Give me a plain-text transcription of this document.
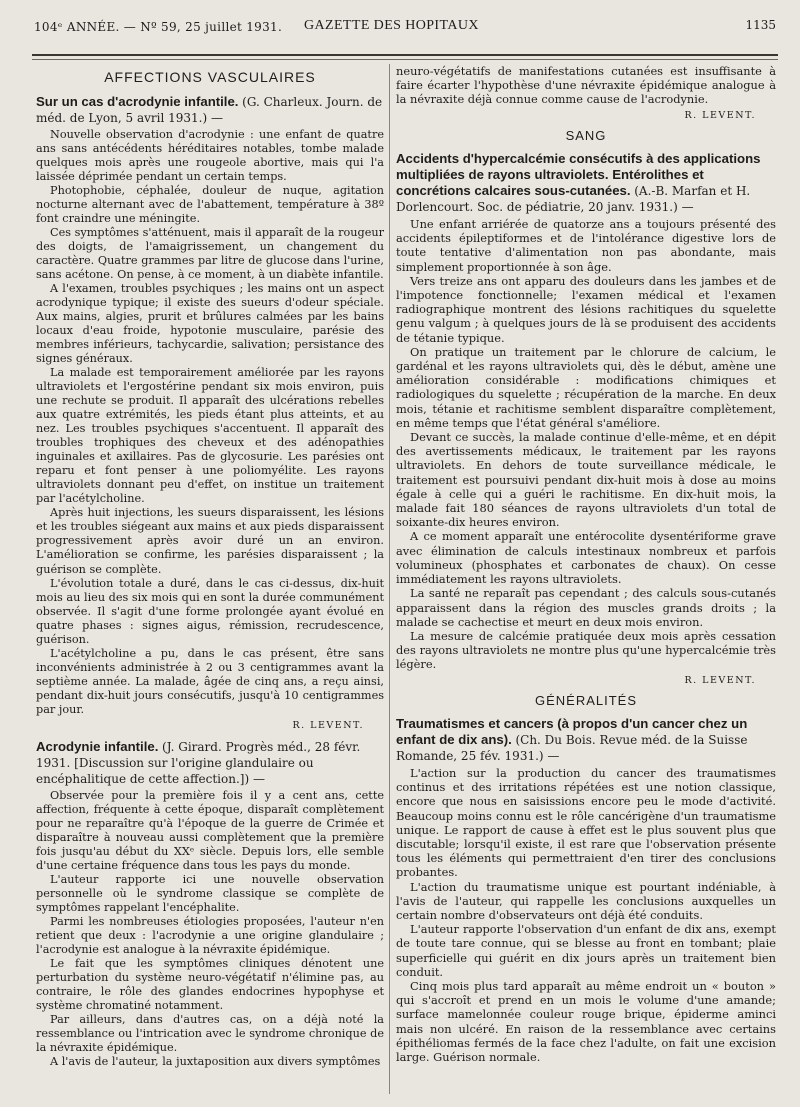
104ᵉ ANNÉE. — Nº 59, 25 juillet 1931. GAZETTE DES HOPITAUX	1135
AFFECTIONS VASCULAIRES
Sur un cas d'acrodynie infantile. (G. Charleux. Journ. de méd. de Lyon, 5 avril 1931.) —

Nouvelle observation d'acrodynie : une enfant de quatre ans sans antécédents héréditaires notables, tombe malade quelques mois après une rougeole abortive, mais qui l'a laissée déprimée pendant un certain temps.

Photophobie, céphalée, douleur de nuque, agitation nocturne alternant avec de l'abattement, température à 38º font craindre une méningite.

Ces symptômes s'atténuent, mais il apparaît de la rougeur des doigts, de l'amaigrissement, un changement du caractère. Quatre grammes par litre de glucose dans l'urine, sans acétone. On pense, à ce moment, à un diabète infantile.

A l'examen, troubles psychiques ; les mains ont un aspect acrodynique typique; il existe des sueurs d'odeur spéciale. Aux mains, algies, prurit et brûlures calmées par les bains locaux d'eau froide, hypotonie musculaire, parésie des membres inférieurs, tachycardie, salivation; persistance des signes généraux.

La malade est temporairement améliorée par les rayons ultraviolets et l'ergostérine pendant six mois environ, puis une rechute se produit. Il apparaît des ulcérations rebelles aux quatre extrémités, les pieds étant plus atteints, et au nez. Les troubles psychiques s'accentuent. Il apparaît des troubles trophiques des cheveux et des adénopathies inguinales et axillaires. Pas de glycosurie. Les parésies ont reparu et font penser à une poliomyélite. Les rayons ultraviolets donnant peu d'effet, on institue un traitement par l'acétylcholine.

Après huit injections, les sueurs disparaissent, les lésions et les troubles siégeant aux mains et aux pieds disparaissent progressivement après avoir duré un an environ. L'amélioration se confirme, les parésies disparaissent ; la guérison se complète.

L'évolution totale a duré, dans le cas ci-dessus, dix-huit mois au lieu des six mois qui en sont la durée communément observée. Il s'agit d'une forme prolongée ayant évolué en quatre phases : signes aigus, rémission, recrudescence, guérison.

L'acétylcholine a pu, dans le cas présent, être sans inconvénients administrée à 2 ou 3 centigrammes avant la septième année. La malade, âgée de cinq ans, a reçu ainsi, pendant dix-huit jours consécutifs, jusqu'à 10 centigrammes par jour.

R. LEVENT.
Acrodynie infantile. (J. Girard. Progrès méd., 28 févr. 1931. [Discussion sur l'origine glandulaire ou encéphalitique de cette affection.]) —

Observée pour la première fois il y a cent ans, cette affection, fréquente à cette époque, disparaît complètement pour ne reparaître qu'à l'époque de la guerre de Crimée et disparaître à nouveau aussi complètement que la première fois jusqu'au début du XXᵉ siècle. Depuis lors, elle semble d'une certaine fréquence dans tous les pays du monde.

L'auteur rapporte ici une nouvelle observation personnelle où le syndrome classique se complète de symptômes rappelant l'encéphalite.

Parmi les nombreuses étiologies proposées, l'auteur n'en retient que deux : l'acrodynie a une origine glandulaire ; l'acrodynie est analogue à la névraxite épidémique.

Le fait que les symptômes cliniques dénotent une perturbation du système neuro-végétatif n'élimine pas, au contraire, le rôle des glandes endocrines hypophyse et système chromatiné notamment.

Par ailleurs, dans d'autres cas, on a déjà noté la ressemblance ou l'intrication avec le syndrome chronique de la névraxite épidémique.

A l'avis de l'auteur, la juxtaposition aux divers symptômes

neuro-végétatifs de manifestations cutanées est insuffisante à faire écarter l'hypothèse d'une névraxite épidémique analogue à la névraxite déjà connue comme cause de l'acrodynie.

R. LEVENT.
SANG
Accidents d'hypercalcémie consécutifs à des applications multipliées de rayons ultraviolets. Entérolithes et concrétions calcaires sous-cutanées. (A.-B. Marfan et H. Dorlencourt. Soc. de pédiatrie, 20 janv. 1931.) —

Une enfant arriérée de quatorze ans a toujours présenté des accidents épileptiformes et de l'intolérance digestive lors de toute tentative d'alimentation non pas abondante, mais simplement proportionnée à son âge.

Vers treize ans ont apparu des douleurs dans les jambes et de l'impotence fonctionnelle; l'examen médical et l'examen radiographique montrent des lésions rachitiques du squelette genu valgum ; à quelques jours de là se produisent des accidents de tétanie typique.

On pratique un traitement par le chlorure de calcium, le gardénal et les rayons ultraviolets qui, dès le début, amène une amélioration considérable : modifications chimiques et radiologiques du squelette ; récupération de la marche. En deux mois, tétanie et rachitisme semblent disparaître complètement, en même temps que l'état général s'améliore.

Devant ce succès, la malade continue d'elle-même, et en dépit des avertissements médicaux, le traitement par les rayons ultraviolets. En dehors de toute surveillance médicale, le traitement est poursuivi pendant dix-huit mois à dose au moins égale à celle qui a guéri le rachitisme. En dix-huit mois, la malade fait 180 séances de rayons ultraviolets d'un total de soixante-dix heures environ.

A ce moment apparaît une entérocolite dysentériforme grave avec élimination de calculs intestinaux nombreux et parfois volumineux (phosphates et carbonates de chaux). On cesse immédiatement les rayons ultraviolets.

La santé ne reparaît pas cependant ; des calculs sous-cutanés apparaissent dans la région des muscles grands droits ; la malade se cachectise et meurt en deux mois environ.

La mesure de calcémie pratiquée deux mois après cessation des rayons ultraviolets ne montre plus qu'une hypercalcémie très légère.

R. LEVENT.
GÉNÉRALITÉS
Traumatismes et cancers (à propos d'un cancer chez un enfant de dix ans). (Ch. Du Bois. Revue méd. de la Suisse Romande, 25 fév. 1931.) —

L'action sur la production du cancer des traumatismes continus et des irritations répétées est une notion classique, encore que nous en saisissions encore peu le mode d'activité. Beaucoup moins connu est le rôle cancérigène d'un traumatisme unique. Le rapport de cause à effet est le plus souvent plus que discutable; lorsqu'il existe, il est rare que l'observation présente tous les éléments qui permettraient d'en tirer des conclusions probantes.

L'action du traumatisme unique est pourtant indéniable, à l'avis de l'auteur, qui rappelle les conclusions auxquelles un certain nombre d'observateurs ont déjà été conduits.

L'auteur rapporte l'observation d'un enfant de dix ans, exempt de toute tare connue, qui se blesse au front en tombant; plaie superficielle qui guérit en dix jours après un traitement bien conduit.

Cinq mois plus tard apparaît au même endroit un « bouton » qui s'accroît et prend en un mois le volume d'une amande; surface mamelonnée couleur rouge brique, épiderme aminci mais non ulcéré. En raison de la ressemblance avec certains épithéliomas fermés de la face chez l'adulte, on fait une excision large. Guérison normale.
